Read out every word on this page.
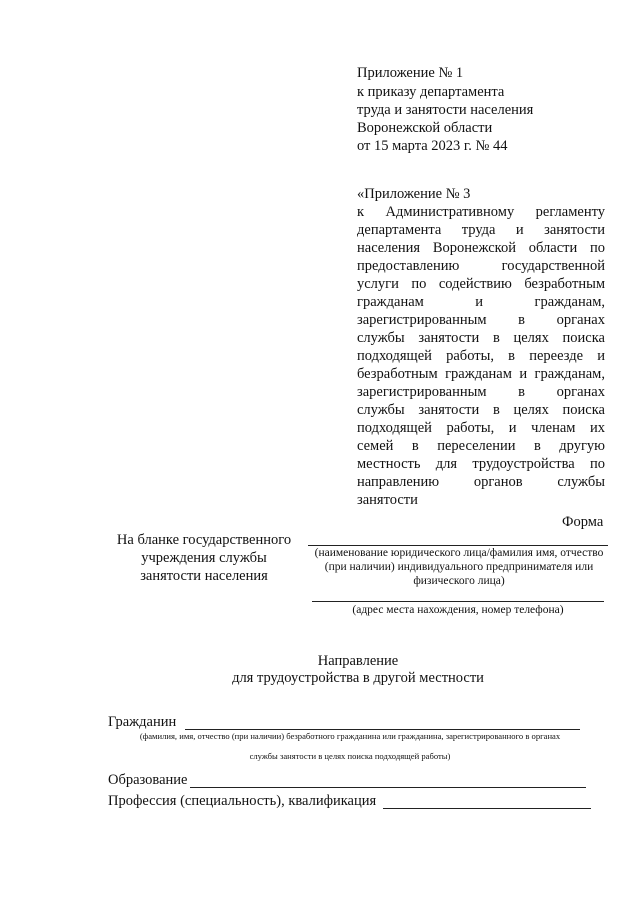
Приложение № 1
к приказу департамента
труда и занятости населения
Воронежской области
от 15 марта 2023 г. № 44
«Приложение № 3
к Административному регламенту
департамента труда и занятости
населения Воронежской области по
предоставлению государственной
услуги по содействию безработным
гражданам и гражданам,
зарегистрированным в органах
службы занятости в целях поиска
подходящей работы, в переезде и
безработным гражданам и гражданам,
зарегистрированным в органах
службы занятости в целях поиска
подходящей работы, и членам их
семей в переселении в другую
местность для трудоустройства по
направлению органов службы
занятости
Форма
На бланке государственного
учреждения службы
занятости населения
(наименование юридического лица/фамилия имя, отчество
(при наличии) индивидуального предпринимателя или
физического лица)
(адрес места нахождения, номер телефона)
Направление
для трудоустройства в другой местности
Гражданин
(фамилия, имя, отчество (при наличии) безработного гражданина или гражданина, зарегистрированного в органах
службы занятости в целях поиска подходящей работы)
Образование
Профессия (специальность), квалификация
